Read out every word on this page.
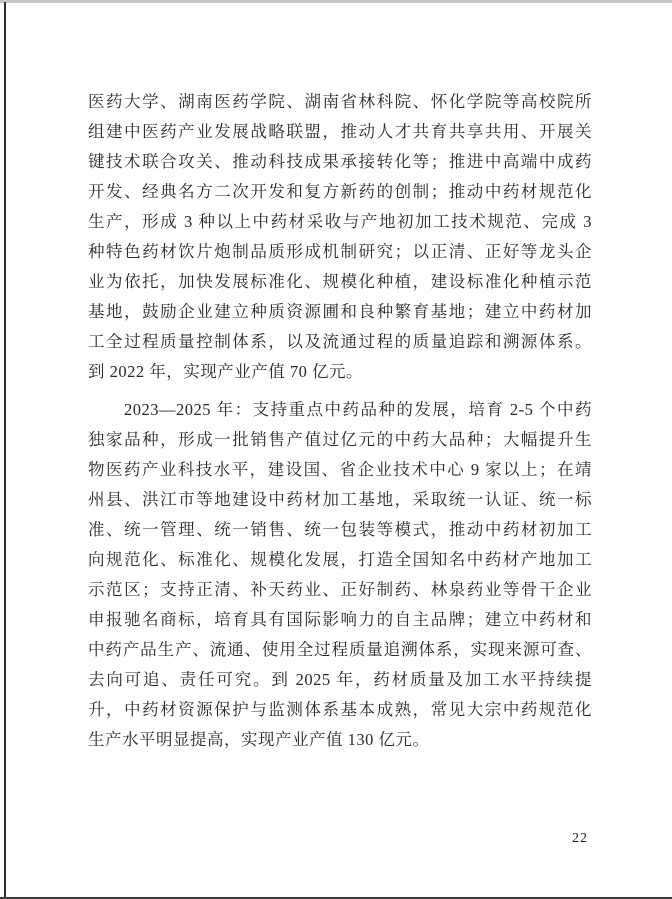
医药大学、湖南医药学院、湖南省林科院、怀化学院等高校院所
组建中医药产业发展战略联盟，推动人才共育共享共用、开展关
键技术联合攻关、推动科技成果承接转化等；推进中高端中成药
开发、经典名方二次开发和复方新药的创制；推动中药材规范化
生产，形成 3 种以上中药材采收与产地初加工技术规范、完成 3
种特色药材饮片炮制品质形成机制研究；以正清、正好等龙头企
业为依托，加快发展标准化、规模化种植，建设标准化种植示范
基地，鼓励企业建立种质资源圃和良种繁育基地；建立中药材加
工全过程质量控制体系，以及流通过程的质量追踪和溯源体系。
到 2022 年，实现产业产值 70 亿元。
2023—2025 年：支持重点中药品种的发展，培育 2-5 个中药
独家品种，形成一批销售产值过亿元的中药大品种；大幅提升生
物医药产业科技水平，建设国、省企业技术中心 9 家以上；在靖
州县、洪江市等地建设中药材加工基地，采取统一认证、统一标
准、统一管理、统一销售、统一包装等模式，推动中药材初加工
向规范化、标准化、规模化发展，打造全国知名中药材产地加工
示范区；支持正清、补天药业、正好制药、林泉药业等骨干企业
申报驰名商标，培育具有国际影响力的自主品牌；建立中药材和
中药产品生产、流通、使用全过程质量追溯体系，实现来源可查、
去向可追、责任可究。到 2025 年，药材质量及加工水平持续提
升，中药材资源保护与监测体系基本成熟，常见大宗中药规范化
生产水平明显提高，实现产业产值 130 亿元。
22
